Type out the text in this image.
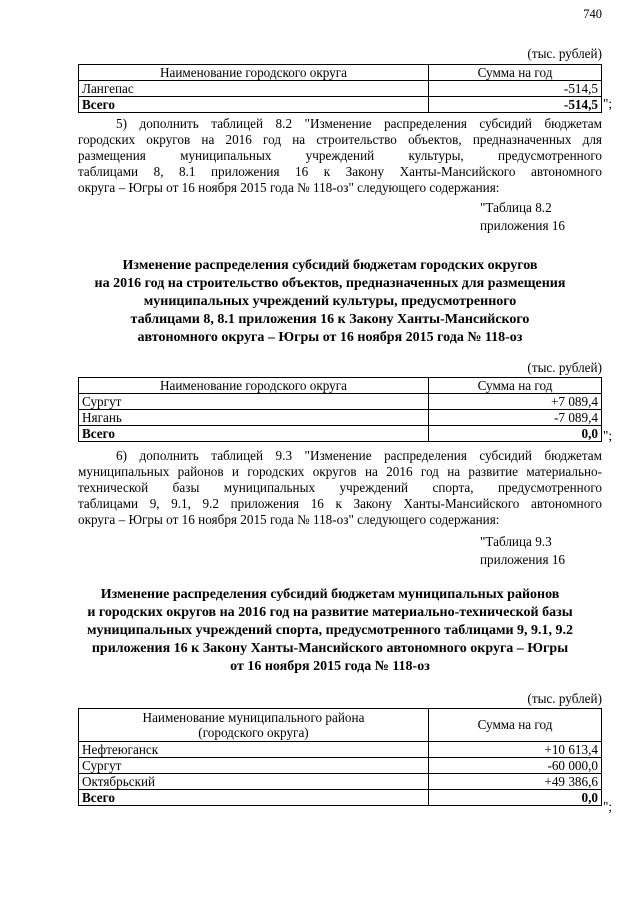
740
(тыс. рублей)
Наименование городского округа	Сумма на год
Лангепас	-514,5
Всего	-514,5 ";
5) дополнить таблицей 8.2 "Изменение распределения субсидий бюджетам
городских округов на 2016 год на строительство объектов, предназначенных для
размещения муниципальных учреждений культуры, предусмотренного
таблицами 8, 8.1 приложения 16 к Закону Ханты-Мансийского автономного
округа – Югры от 16 ноября 2015 года № 118-оз" следующего содержания:
"Таблица 8.2
приложения 16
Изменение распределения субсидий бюджетам городских округов
на 2016 год на строительство объектов, предназначенных для размещения
муниципальных учреждений культуры, предусмотренного
таблицами 8, 8.1 приложения 16 к Закону Ханты-Мансийского
автономного округа – Югры от 16 ноября 2015 года № 118-оз
(тыс. рублей)
Наименование городского округа	Сумма на год
Сургут	+7 089,4
Нягань	-7 089,4
Всего	0,0 ";
6) дополнить таблицей 9.3 "Изменение распределения субсидий бюджетам
муниципальных районов и городских округов на 2016 год на развитие материально-
технической базы муниципальных учреждений спорта, предусмотренного
таблицами 9, 9.1, 9.2 приложения 16 к Закону Ханты-Мансийского автономного
округа – Югры от 16 ноября 2015 года № 118-оз" следующего содержания:
"Таблица 9.3
приложения 16
Изменение распределения субсидий бюджетам муниципальных районов
и городских округов на 2016 год на развитие материально-технической базы
муниципальных учреждений спорта, предусмотренного таблицами 9, 9.1, 9.2
приложения 16 к Закону Ханты-Мансийского автономного округа – Югры
от 16 ноября 2015 года № 118-оз
(тыс. рублей)
Наименование муниципального района
(городского округа)	Сумма на год
Нефтеюганск	+10 613,4
Сургут	-60 000,0
Октябрьский	+49 386,6
Всего	0,0
";
